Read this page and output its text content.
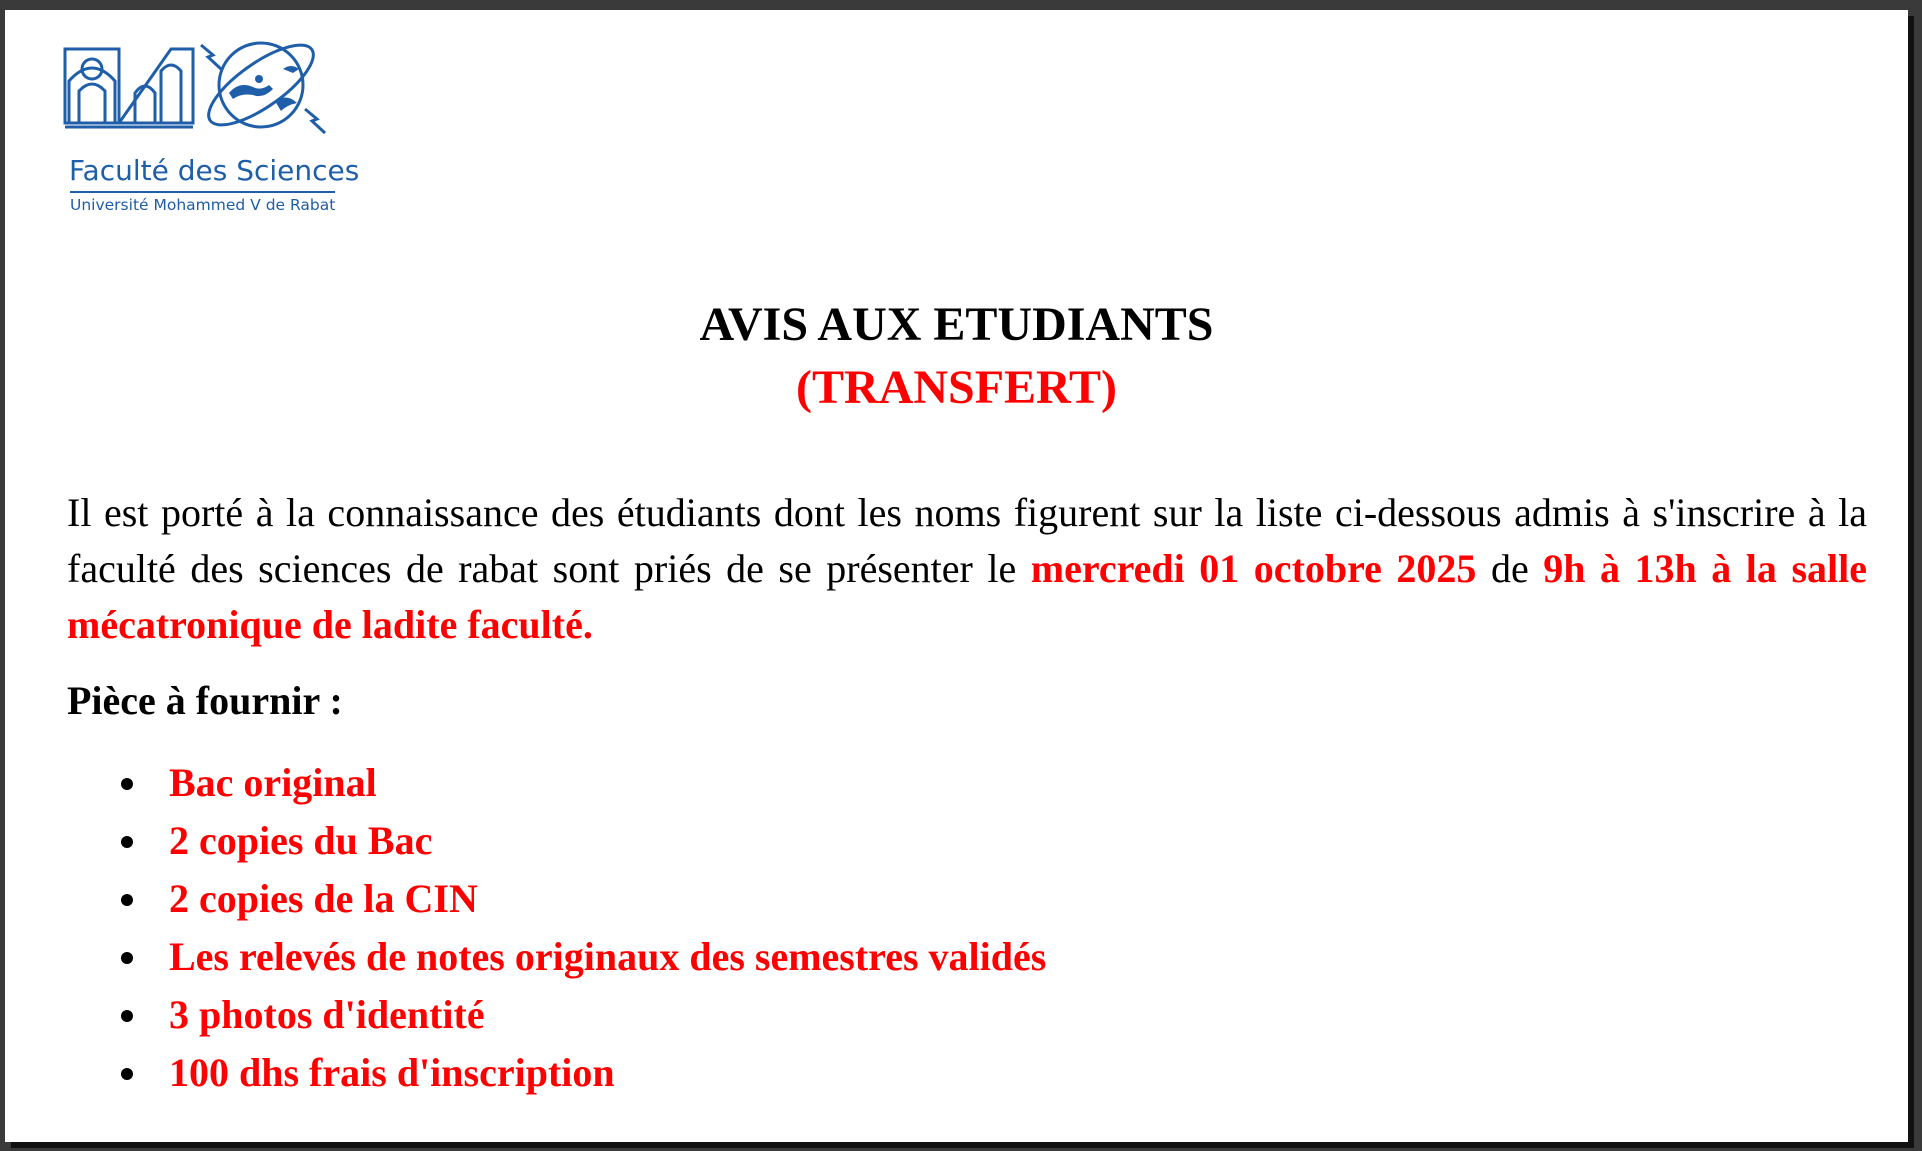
Faculté des Sciences
Université Mohammed V de Rabat
AVIS AUX ETUDIANTS
(TRANSFERT)
Il est porté à la connaissance des étudiants dont les noms figurent sur la liste ci-dessous admis à s'inscrire à la faculté des sciences de rabat sont priés de se présenter le mercredi 01 octobre 2025 de 9h à 13h à la salle mécatronique de ladite faculté.
Pièce à fournir :
Bac original
2 copies du Bac
2 copies de la CIN
Les relevés de notes originaux des semestres validés
3 photos d'identité
100 dhs frais d'inscription
